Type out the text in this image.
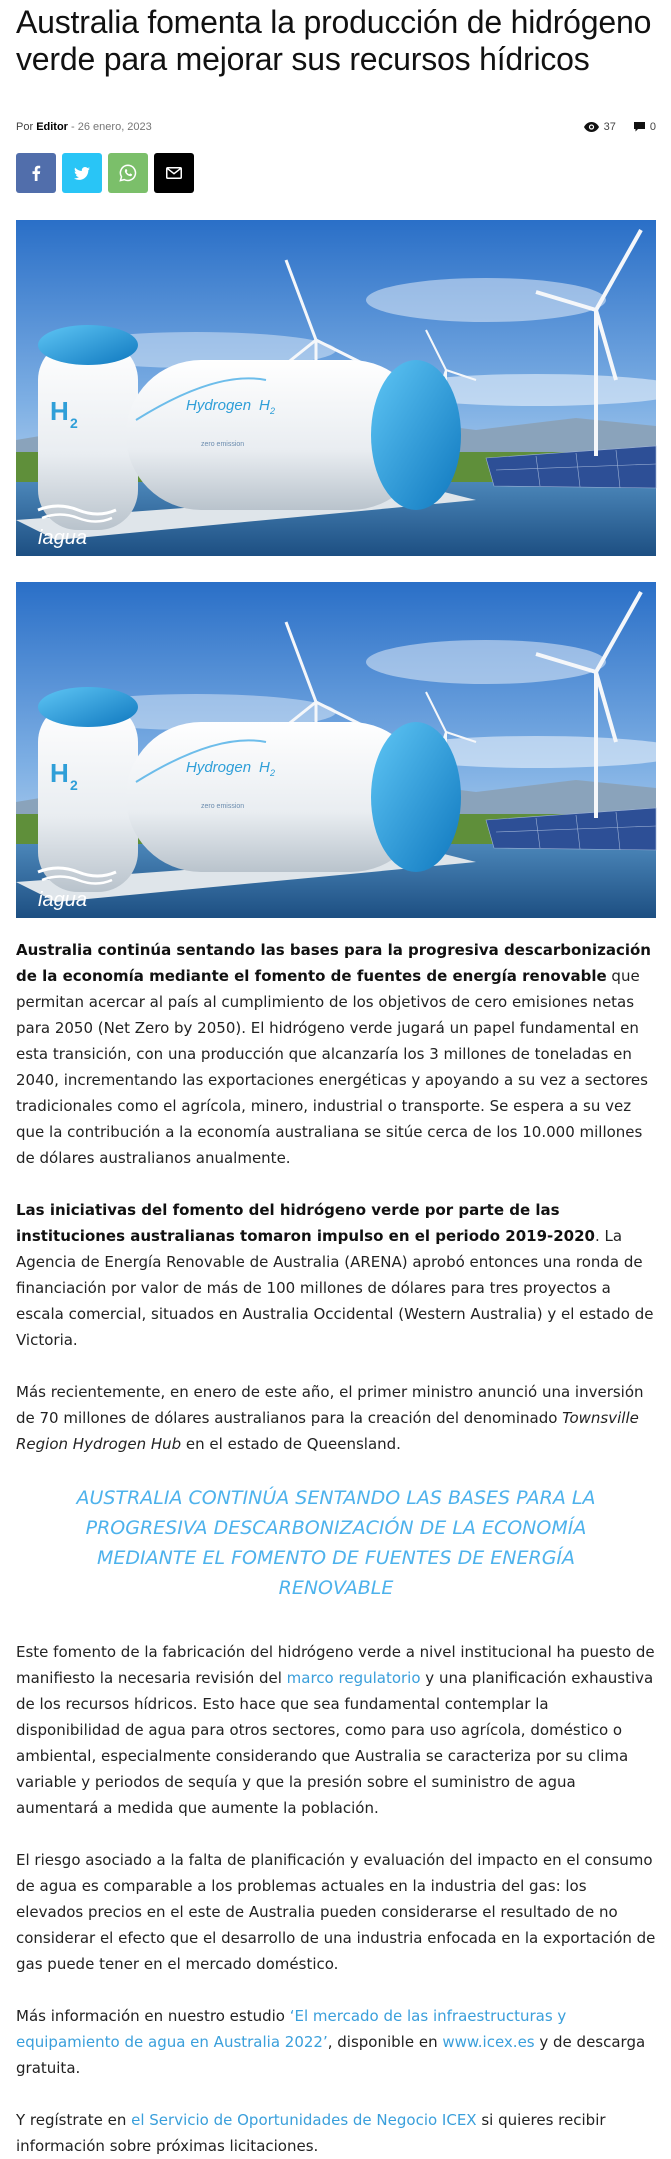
Australia fomenta la producción de hidrógeno verde para mejorar sus recursos hídricos
Por Editor - 26 enero, 2023	37	0
H 2
Hydrogen H 2
zero emission
iagua
H 2
Hydrogen H 2
zero emission
iagua

Australia continúa sentando las bases para la progresiva descarbonización de la economía mediante el fomento de fuentes de energía renovable que permitan acercar al país al cumplimiento de los objetivos de cero emisiones netas para 2050 (Net Zero by 2050). El hidrógeno verde jugará un papel fundamental en esta transición, con una producción que alcanzaría los 3 millones de toneladas en 2040, incrementando las exportaciones energéticas y apoyando a su vez a sectores tradicionales como el agrícola, minero, industrial o transporte. Se espera a su vez que la contribución a la economía australiana se sitúe cerca de los 10.000 millones de dólares australianos anualmente.

Las iniciativas del fomento del hidrógeno verde por parte de las instituciones australianas tomaron impulso en el periodo 2019-2020. La Agencia de Energía Renovable de Australia (ARENA) aprobó entonces una ronda de financiación por valor de más de 100 millones de dólares para tres proyectos a escala comercial, situados en Australia Occidental (Western Australia) y el estado de Victoria.

Más recientemente, en enero de este año, el primer ministro anunció una inversión de 70 millones de dólares australianos para la creación del denominado Townsville Region Hydrogen Hub en el estado de Queensland.

AUSTRALIA CONTINÚA SENTANDO LAS BASES PARA LA PROGRESIVA DESCARBONIZACIÓN DE LA ECONOMÍA MEDIANTE EL FOMENTO DE FUENTES DE ENERGÍA RENOVABLE

Este fomento de la fabricación del hidrógeno verde a nivel institucional ha puesto de manifiesto la necesaria revisión del marco regulatorio y una planificación exhaustiva de los recursos hídricos. Esto hace que sea fundamental contemplar la disponibilidad de agua para otros sectores, como para uso agrícola, doméstico o ambiental, especialmente considerando que Australia se caracteriza por su clima variable y periodos de sequía y que la presión sobre el suministro de agua aumentará a medida que aumente la población.

El riesgo asociado a la falta de planificación y evaluación del impacto en el consumo de agua es comparable a los problemas actuales en la industria del gas: los elevados precios en el este de Australia pueden considerarse el resultado de no considerar el efecto que el desarrollo de una industria enfocada en la exportación de gas puede tener en el mercado doméstico.

Más información en nuestro estudio ‘El mercado de las infraestructuras y equipamiento de agua en Australia 2022’, disponible en www.icex.es y de descarga gratuita.

Y regístrate en el Servicio de Oportunidades de Negocio ICEX si quieres recibir información sobre próximas licitaciones.
